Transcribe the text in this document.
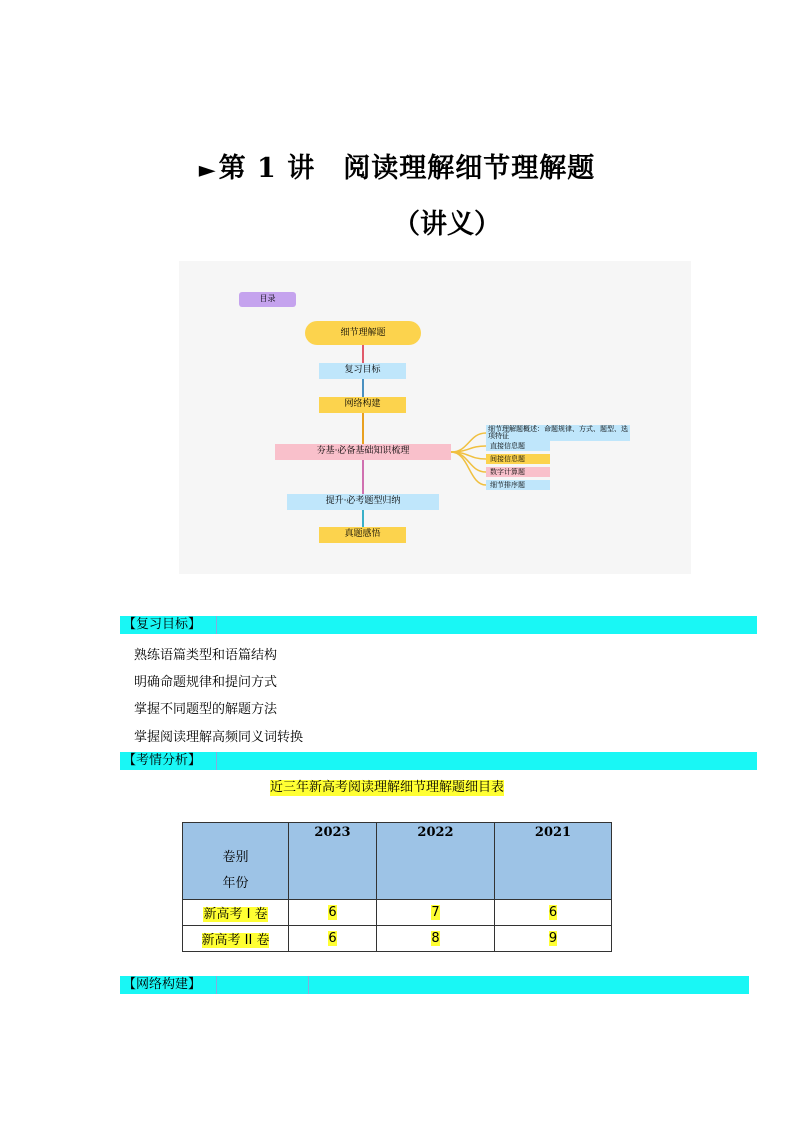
►第 1 讲　阅读理解细节理解题
（讲义）
目录
细节理解题
复习目标
网络构建
夯基·必备基础知识梳理
提升·必考题型归纳
真题感悟
细节理解题概述：命题规律、方式、题型、选项特征
直接信息题
间接信息题
数字计算题
细节排序题
【复习目标】
熟练语篇类型和语篇结构
明确命题规律和提问方式
掌握不同题型的解题方法
掌握阅读理解高频同义词转换
【考情分析】
近三年新高考阅读理解细节理解题细目表
卷别
年份	2023	2022	2021
新高考 I 卷	6	7	6
新高考 II 卷	6	8	9
【网络构建】
